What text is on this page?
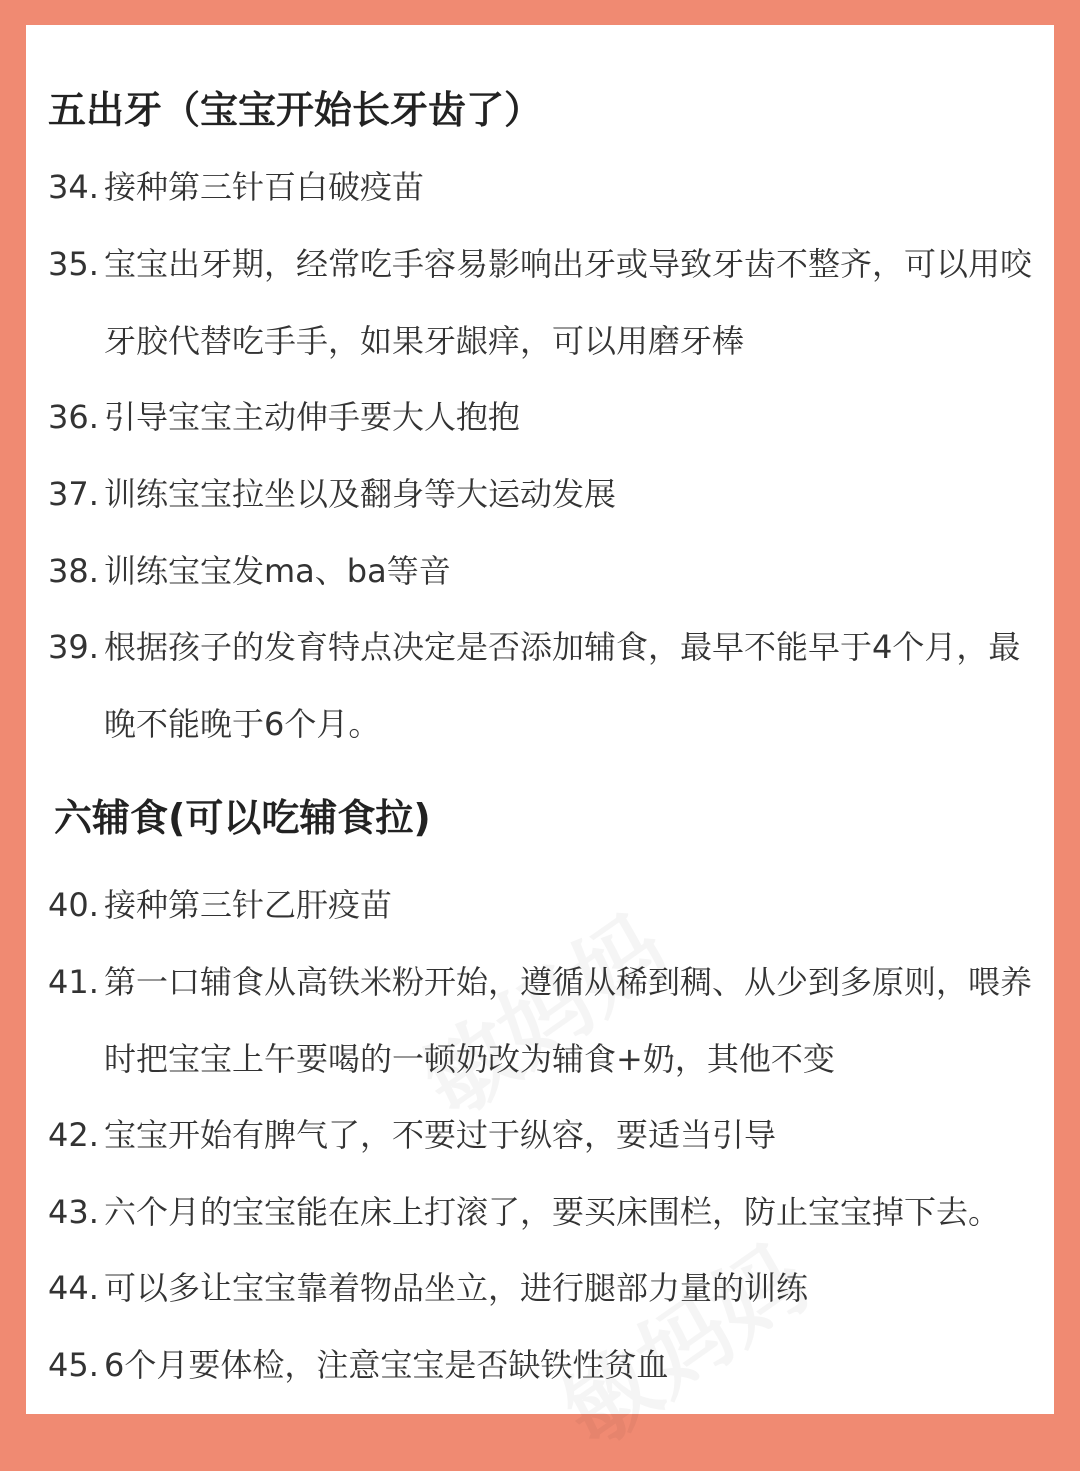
五出牙（宝宝开始长牙齿了）
34. 接种第三针百白破疫苗
35. 宝宝出牙期，经常吃手容易影响出牙或导致牙齿不整齐，可以用咬牙胶代替吃手手，如果牙龈痒，可以用磨牙棒
36. 引导宝宝主动伸手要大人抱抱
37. 训练宝宝拉坐以及翻身等大运动发展
38. 训练宝宝发ma、ba等音
39. 根据孩子的发育特点决定是否添加辅食，最早不能早于4个月，最晚不能晚于6个月。
六辅食(可以吃辅食拉)
40. 接种第三针乙肝疫苗
41. 第一口辅食从高铁米粉开始，遵循从稀到稠、从少到多原则，喂养时把宝宝上午要喝的一顿奶改为辅食+奶，其他不变
42. 宝宝开始有脾气了，不要过于纵容，要适当引导
43. 六个月的宝宝能在床上打滚了，要买床围栏，防止宝宝掉下去。
44. 可以多让宝宝靠着物品坐立，进行腿部力量的训练
45. 6个月要体检，注意宝宝是否缺铁性贫血
